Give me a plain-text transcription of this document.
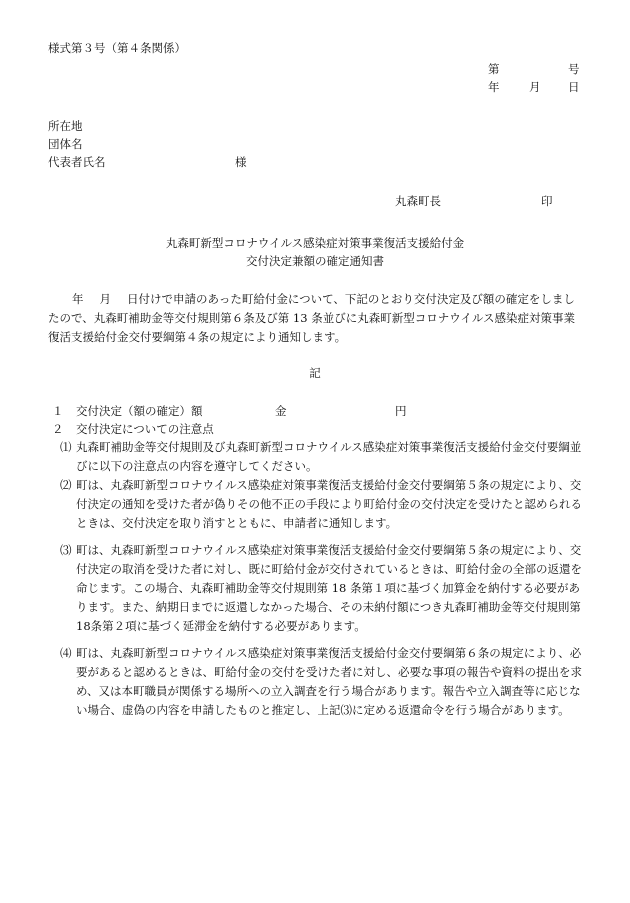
様式第３号（第４条関係）
第	号
年	月 日
所在地
団体名
代表者氏名	様
丸森町長	印
丸森町新型コロナウイルス感染症対策事業復活支援給付金
交付決定兼額の確定通知書
年 月 日付けで申請のあった町給付金について、下記のとおり交付決定及び額の確定をしましたので、丸森町補助金等交付規則第６条及び第 13 条並びに丸森町新型コロナウイルス感染症対策事業復活支援給付金交付要綱第４条の規定により通知します。
記
１ 交付決定（額の確定）額	金	円
２ 交付決定についての注意点
⑴ 丸森町補助金等交付規則及び丸森町新型コロナウイルス感染症対策事業復活支援給付金交付要綱並びに以下の注意点の内容を遵守してください。
⑵ 町は、丸森町新型コロナウイルス感染症対策事業復活支援給付金交付要綱第５条の規定により、交付決定の通知を受けた者が偽りその他不正の手段により町給付金の交付決定を受けたと認められるときは、交付決定を取り消すとともに、申請者に通知します。
⑶ 町は、丸森町新型コロナウイルス感染症対策事業復活支援給付金交付要綱第５条の規定により、交付決定の取消を受けた者に対し、既に町給付金が交付されているときは、町給付金の全部の返還を命じます。この場合、丸森町補助金等交付規則第 18 条第１項に基づく加算金を納付する必要があります。また、納期日までに返還しなかった場合、その未納付額につき丸森町補助金等交付規則第18条第２項に基づく延滞金を納付する必要があります。
⑷ 町は、丸森町新型コロナウイルス感染症対策事業復活支援給付金交付要綱第６条の規定により、必要があると認めるときは、町給付金の交付を受けた者に対し、必要な事項の報告や資料の提出を求め、又は本町職員が関係する場所への立入調査を行う場合があります。報告や立入調査等に応じない場合、虚偽の内容を申請したものと推定し、上記⑶に定める返還命令を行う場合があります。
